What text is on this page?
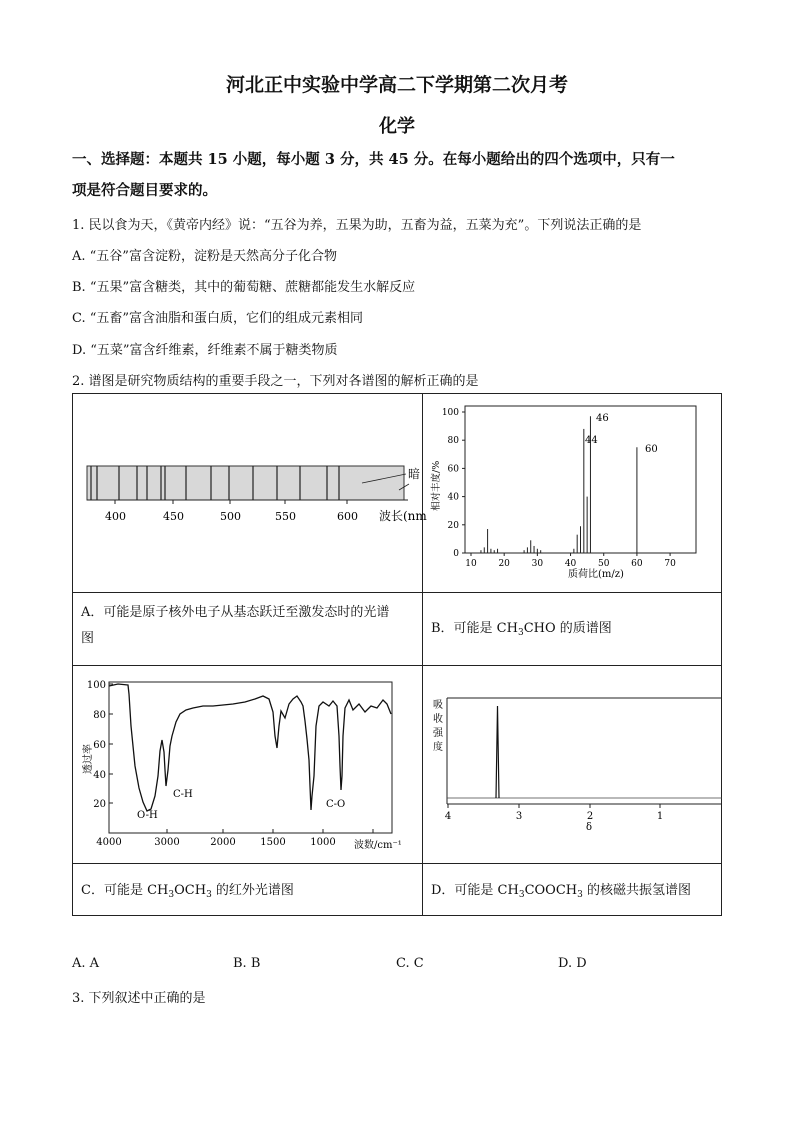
河北正中实验中学高二下学期第二次月考
化学
一、选择题：本题共 15 小题，每小题 3 分，共 45 分。在每小题给出的四个选项中，只有一
项是符合题目要求的。
1. 民以食为天，《黄帝内经》说：“五谷为养，五果为助，五畜为益，五菜为充”。下列说法正确的是
A. “五谷”富含淀粉，淀粉是天然高分子化合物
B. “五果”富含糖类，其中的葡萄糖、蔗糖都能发生水解反应
C. “五畜”富含油脂和蛋白质，它们的组成元素相同
D. “五菜”富含纤维素，纤维素不属于糖类物质
2. 谱图是研究物质结构的重要手段之一，下列对各谱图的解析正确的是
400	450	500	550	600
暗
波长(nm
0
20
40
60
80
100
10 20 30 40 50 60 70
44
46
60
相对丰度/%
质荷比(m/z)
A．可能是原子核外电子从基态跃迁至激发态时的光谱
图
B．可能是 $CH_3CHO$ 的质谱图
100
80
60
40
20
4000	3000	2000 1500 1000
O-H
C-H
C-O
透过率
波数/cm⁻¹
吸
收
强
度
4	3	2	1
δ
C．可能是 $CH_3OCH_3$ 的红外光谱图	D．可能是 $CH_3COOCH_3$ 的核磁共振氢谱图
A. A	B. B	C. C	D. D
3. 下列叙述中正确的是
